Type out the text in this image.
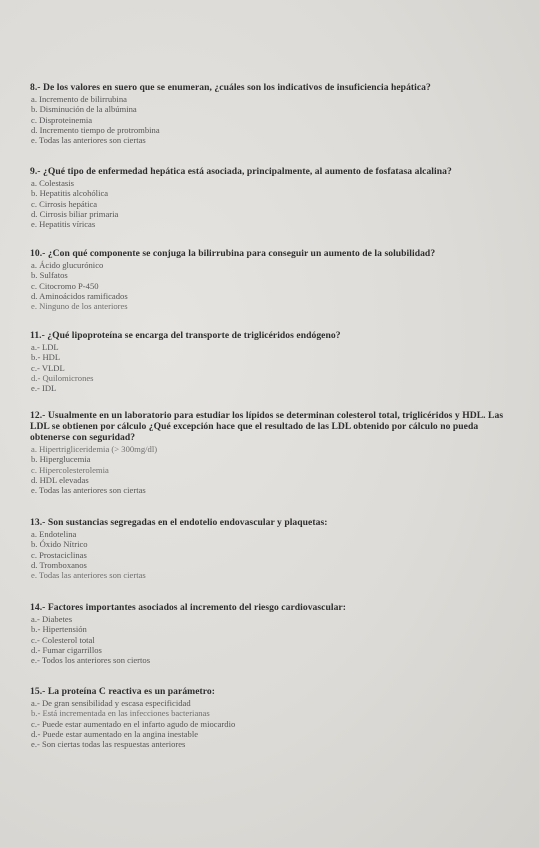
8.- De los valores en suero que se enumeran, ¿cuáles son los indicativos de insuficiencia hepática?
a. Incremento de bilirrubina
b. Disminución de la albúmina
c. Disproteinemia
d. Incremento tiempo de protrombina
e. Todas las anteriores son ciertas
9.- ¿Qué tipo de enfermedad hepática está asociada, principalmente, al aumento de fosfatasa alcalina?
a. Colestasis
b. Hepatitis alcohólica
c. Cirrosis hepática
d. Cirrosis biliar primaria
e. Hepatitis víricas
10.- ¿Con qué componente se conjuga la bilirrubina para conseguir un aumento de la solubilidad?
a. Ácido glucurónico
b. Sulfatos
c. Citocromo P-450
d. Aminoácidos ramificados
e. Ninguno de los anteriores
11.- ¿Qué lipoproteína se encarga del transporte de triglicéridos endógeno?
a.- LDL
b.- HDL
c.- VLDL
d.- Quilomicrones
e.- IDL
12.- Usualmente en un laboratorio para estudiar los lípidos se determinan colesterol total, triglicéridos y HDL. Las LDL se obtienen por cálculo ¿Qué excepción hace que el resultado de las LDL obtenido por cálculo no pueda obtenerse con seguridad?
a. Hipertrigliceridemia (> 300mg/dl)
b. Hiperglucemia
c. Hipercolesterolemia
d. HDL elevadas
e. Todas las anteriores son ciertas
13.- Son sustancias segregadas en el endotelio endovascular y plaquetas:
a. Endotelina
b. Óxido Nítrico
c. Prostaciclinas
d. Tromboxanos
e. Todas las anteriores son ciertas
14.- Factores importantes asociados al incremento del riesgo cardiovascular:
a.- Diabetes
b.- Hipertensión
c.- Colesterol total
d.- Fumar cigarrillos
e.- Todos los anteriores son ciertos
15.- La proteína C reactiva es un parámetro:
a.- De gran sensibilidad y escasa especificidad
b.- Está incrementada en las infecciones bacterianas
c.- Puede estar aumentado en el infarto agudo de miocardio
d.- Puede estar aumentado en la angina inestable
e.- Son ciertas todas las respuestas anteriores
